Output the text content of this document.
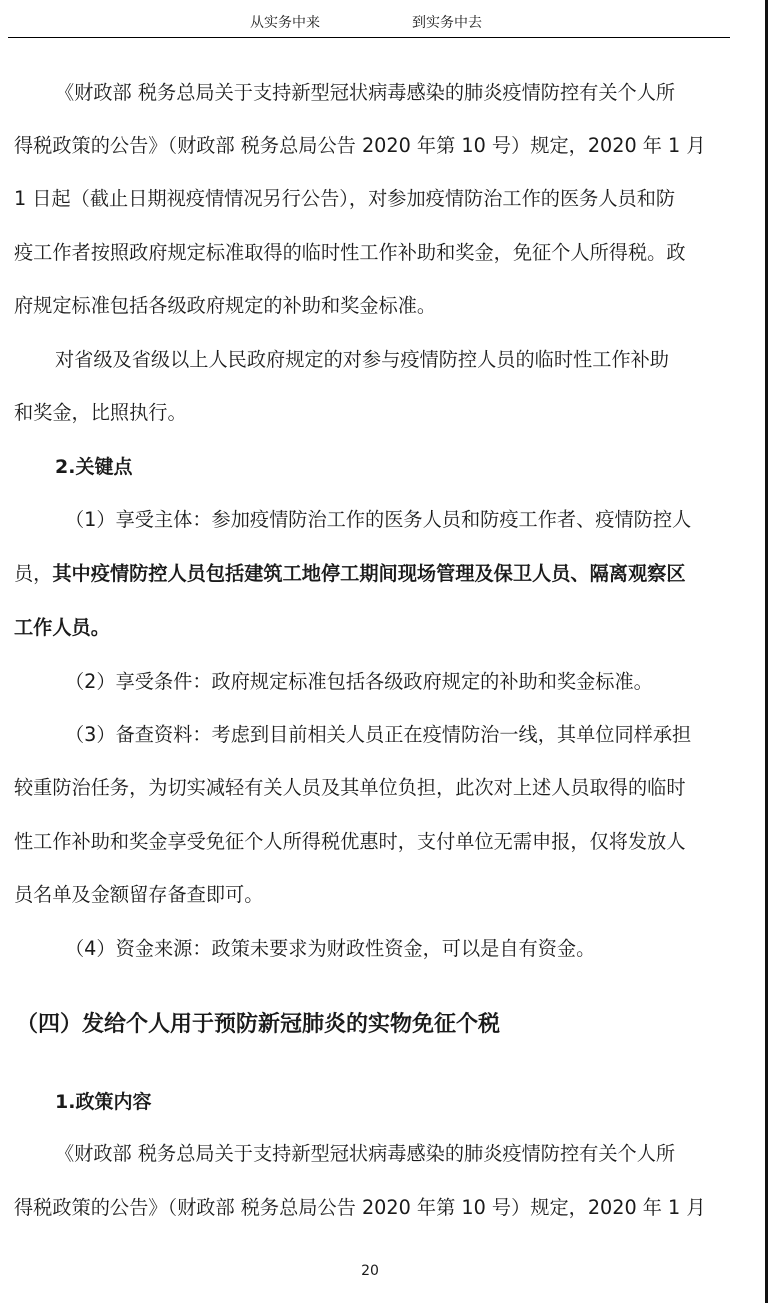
从实务中来	到实务中去
《财政部 税务总局关于支持新型冠状病毒感染的肺炎疫情防控有关个人所
得税政策的公告》（财政部 税务总局公告 2020 年第 10 号）规定，2020 年 1 月
1 日起（截止日期视疫情情况另行公告），对参加疫情防治工作的医务人员和防
疫工作者按照政府规定标准取得的临时性工作补助和奖金，免征个人所得税。政
府规定标准包括各级政府规定的补助和奖金标准。
对省级及省级以上人民政府规定的对参与疫情防控人员的临时性工作补助
和奖金，比照执行。
2.关键点
（1）享受主体：参加疫情防治工作的医务人员和防疫工作者、疫情防控人
员，其中疫情防控人员包括建筑工地停工期间现场管理及保卫人员、隔离观察区
工作人员。
（2）享受条件：政府规定标准包括各级政府规定的补助和奖金标准。
（3）备查资料：考虑到目前相关人员正在疫情防治一线，其单位同样承担
较重防治任务，为切实减轻有关人员及其单位负担，此次对上述人员取得的临时
性工作补助和奖金享受免征个人所得税优惠时，支付单位无需申报，仅将发放人
员名单及金额留存备查即可。
（4）资金来源：政策未要求为财政性资金，可以是自有资金。
（四）发给个人用于预防新冠肺炎的实物免征个税
1.政策内容
《财政部 税务总局关于支持新型冠状病毒感染的肺炎疫情防控有关个人所
得税政策的公告》（财政部 税务总局公告 2020 年第 10 号）规定，2020 年 1 月
20
